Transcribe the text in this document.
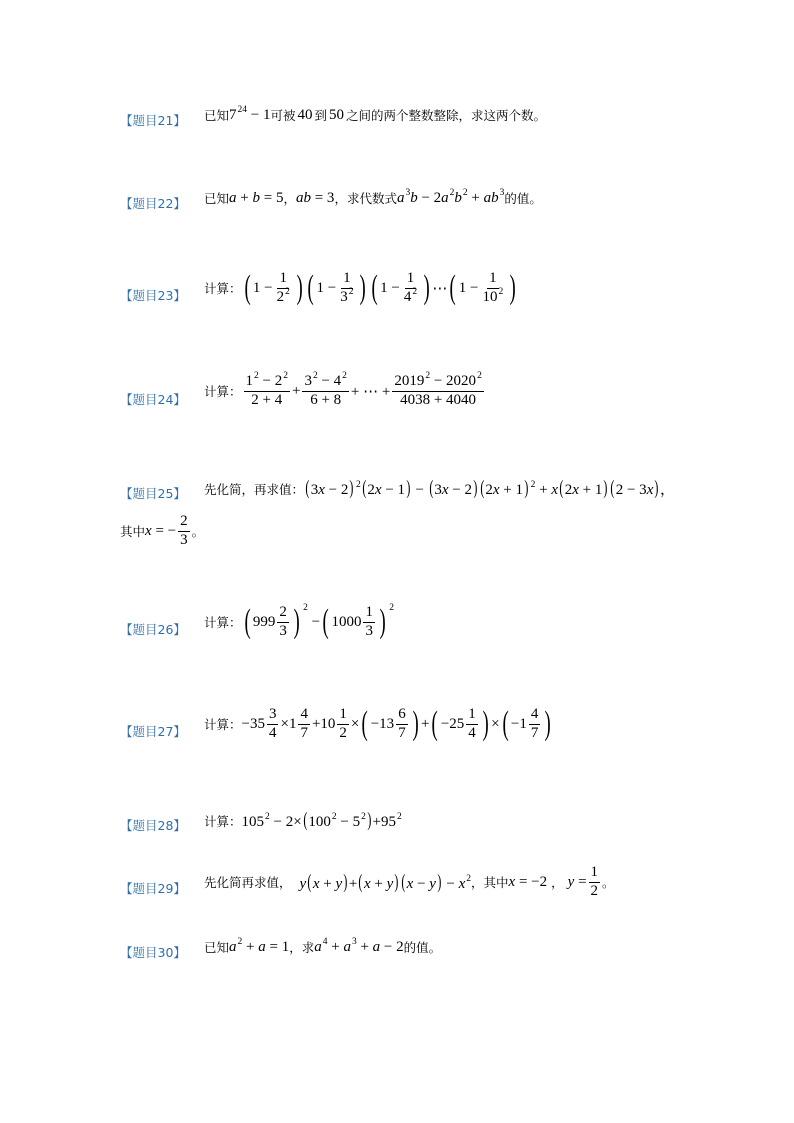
【题目21】 已知 $7^{24} - 1$ 可被 40 到 50 之间的两个整数整除，求这两个数。
【题目22】 已知 a + b = 5 ， ab = 3 ，求代数式 $a^3b - 2a^2b^2 + ab^3$ 的值。
【题目23】 计算： ( $1 - \frac{1}{2^2}$ ) ( $1 - \frac{1}{3^2}$ ) ( $1 - \frac{1}{4^2}$ ) ⋯ ( $1 - \frac{1}{10^2}$ )
【题目24】
计算： $\frac{1^2 - 2^2}{2 + 4} + \frac{3^2 - 4^2}{6 + 8}$ + ⋯ + $\frac{2019^2 - 2020^2}{4038 + 4040}$
【题目25】 先化简，再求值： (3x − 2) $^2$(2x − 1) − (3x − 2) (2x + 1) $^2$ + x(2x + 1) (2 − 3x)，
其中 x = − $\frac{2}{3}$ 。
【题目26】 计算： ( $999 \frac{2}{3}$ ) 2
− ( $1000 \frac{1}{3}$ ) 2
【题目27】 计算： $-35 \frac{3}{4} \times 1 \frac{4}{7} +10 \frac{1}{2}$ × ( $-13 \frac{6}{7}$ ) + ( $-25 \frac{1}{4}$ ) × ( $-1 \frac{4}{7}$ )
【题目28】 计算： $105^2 - 2\times(100^2 - 5^2)+95^2$
【题目29】 先化简再求值， y(x + y)+(x + y) $(x - y) - x^2$ ，其中 x = −2 ， $y = \frac{1}{2}$ 。
【题目30】 已知 $a^2 + a = 1$ ，求 $a^4 + a^3 + a - 2$ 的值。
